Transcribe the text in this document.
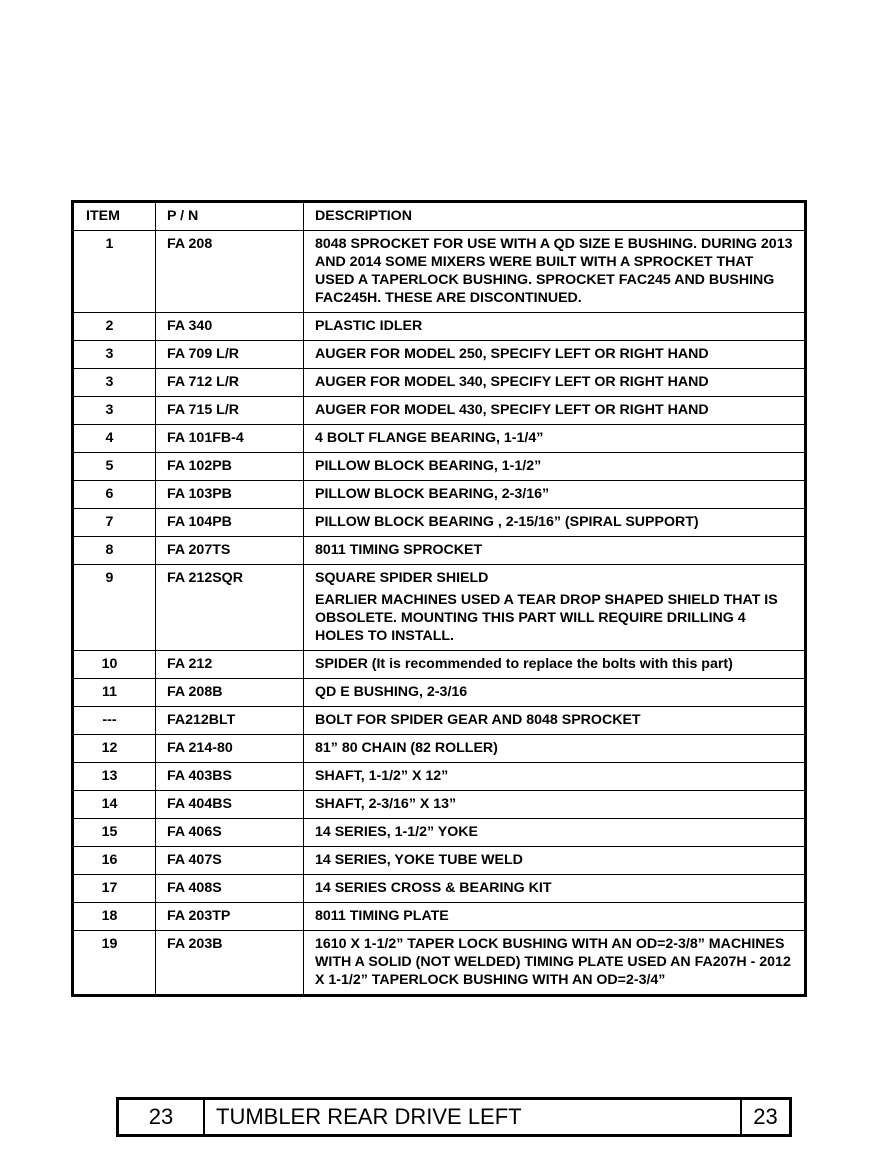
ITEM	P / N	DESCRIPTION
1	FA 208	8048 SPROCKET FOR USE WITH A QD SIZE E BUSHING. DURING 2013 AND 2014 SOME MIXERS WERE BUILT WITH A SPROCKET THAT USED A TAPERLOCK BUSHING. SPROCKET FAC245 AND BUSHING FAC245H. THESE ARE DISCONTINUED.
2	FA 340	PLASTIC IDLER
3	FA 709 L/R	AUGER FOR MODEL 250, SPECIFY LEFT OR RIGHT HAND
3	FA 712 L/R	AUGER FOR MODEL 340, SPECIFY LEFT OR RIGHT HAND
3	FA 715 L/R	AUGER FOR MODEL 430, SPECIFY LEFT OR RIGHT HAND
4	FA 101FB-4	4 BOLT FLANGE BEARING, 1-1/4”
5	FA 102PB	PILLOW BLOCK BEARING, 1-1/2”
6	FA 103PB	PILLOW BLOCK BEARING, 2-3/16”
7	FA 104PB	PILLOW BLOCK BEARING , 2-15/16” (SPIRAL SUPPORT)
8	FA 207TS	8011 TIMING SPROCKET
9	FA 212SQR	SQUARE SPIDER SHIELD
EARLIER MACHINES USED A TEAR DROP SHAPED SHIELD THAT IS OBSOLETE. MOUNTING THIS PART WILL REQUIRE DRILLING 4 HOLES TO INSTALL.

10	FA 212	SPIDER (It is recommended to replace the bolts with this part)
11	FA 208B	QD E BUSHING, 2-3/16
---	FA212BLT	BOLT FOR SPIDER GEAR AND 8048 SPROCKET
12	FA 214-80	81” 80 CHAIN (82 ROLLER)
13	FA 403BS	SHAFT, 1-1/2” X 12”
14	FA 404BS	SHAFT, 2-3/16” X 13”
15	FA 406S	14 SERIES, 1-1/2” YOKE
16	FA 407S	14 SERIES, YOKE TUBE WELD
17	FA 408S	14 SERIES CROSS & BEARING KIT
18	FA 203TP	8011 TIMING PLATE
19	FA 203B	1610 X 1-1/2” TAPER LOCK BUSHING WITH AN OD=2-3/8” MACHINES WITH A SOLID (NOT WELDED) TIMING PLATE USED AN FA207H - 2012 X 1-1/2” TAPERLOCK BUSHING WITH AN OD=2-3/4”
23	TUMBLER REAR DRIVE LEFT	23
